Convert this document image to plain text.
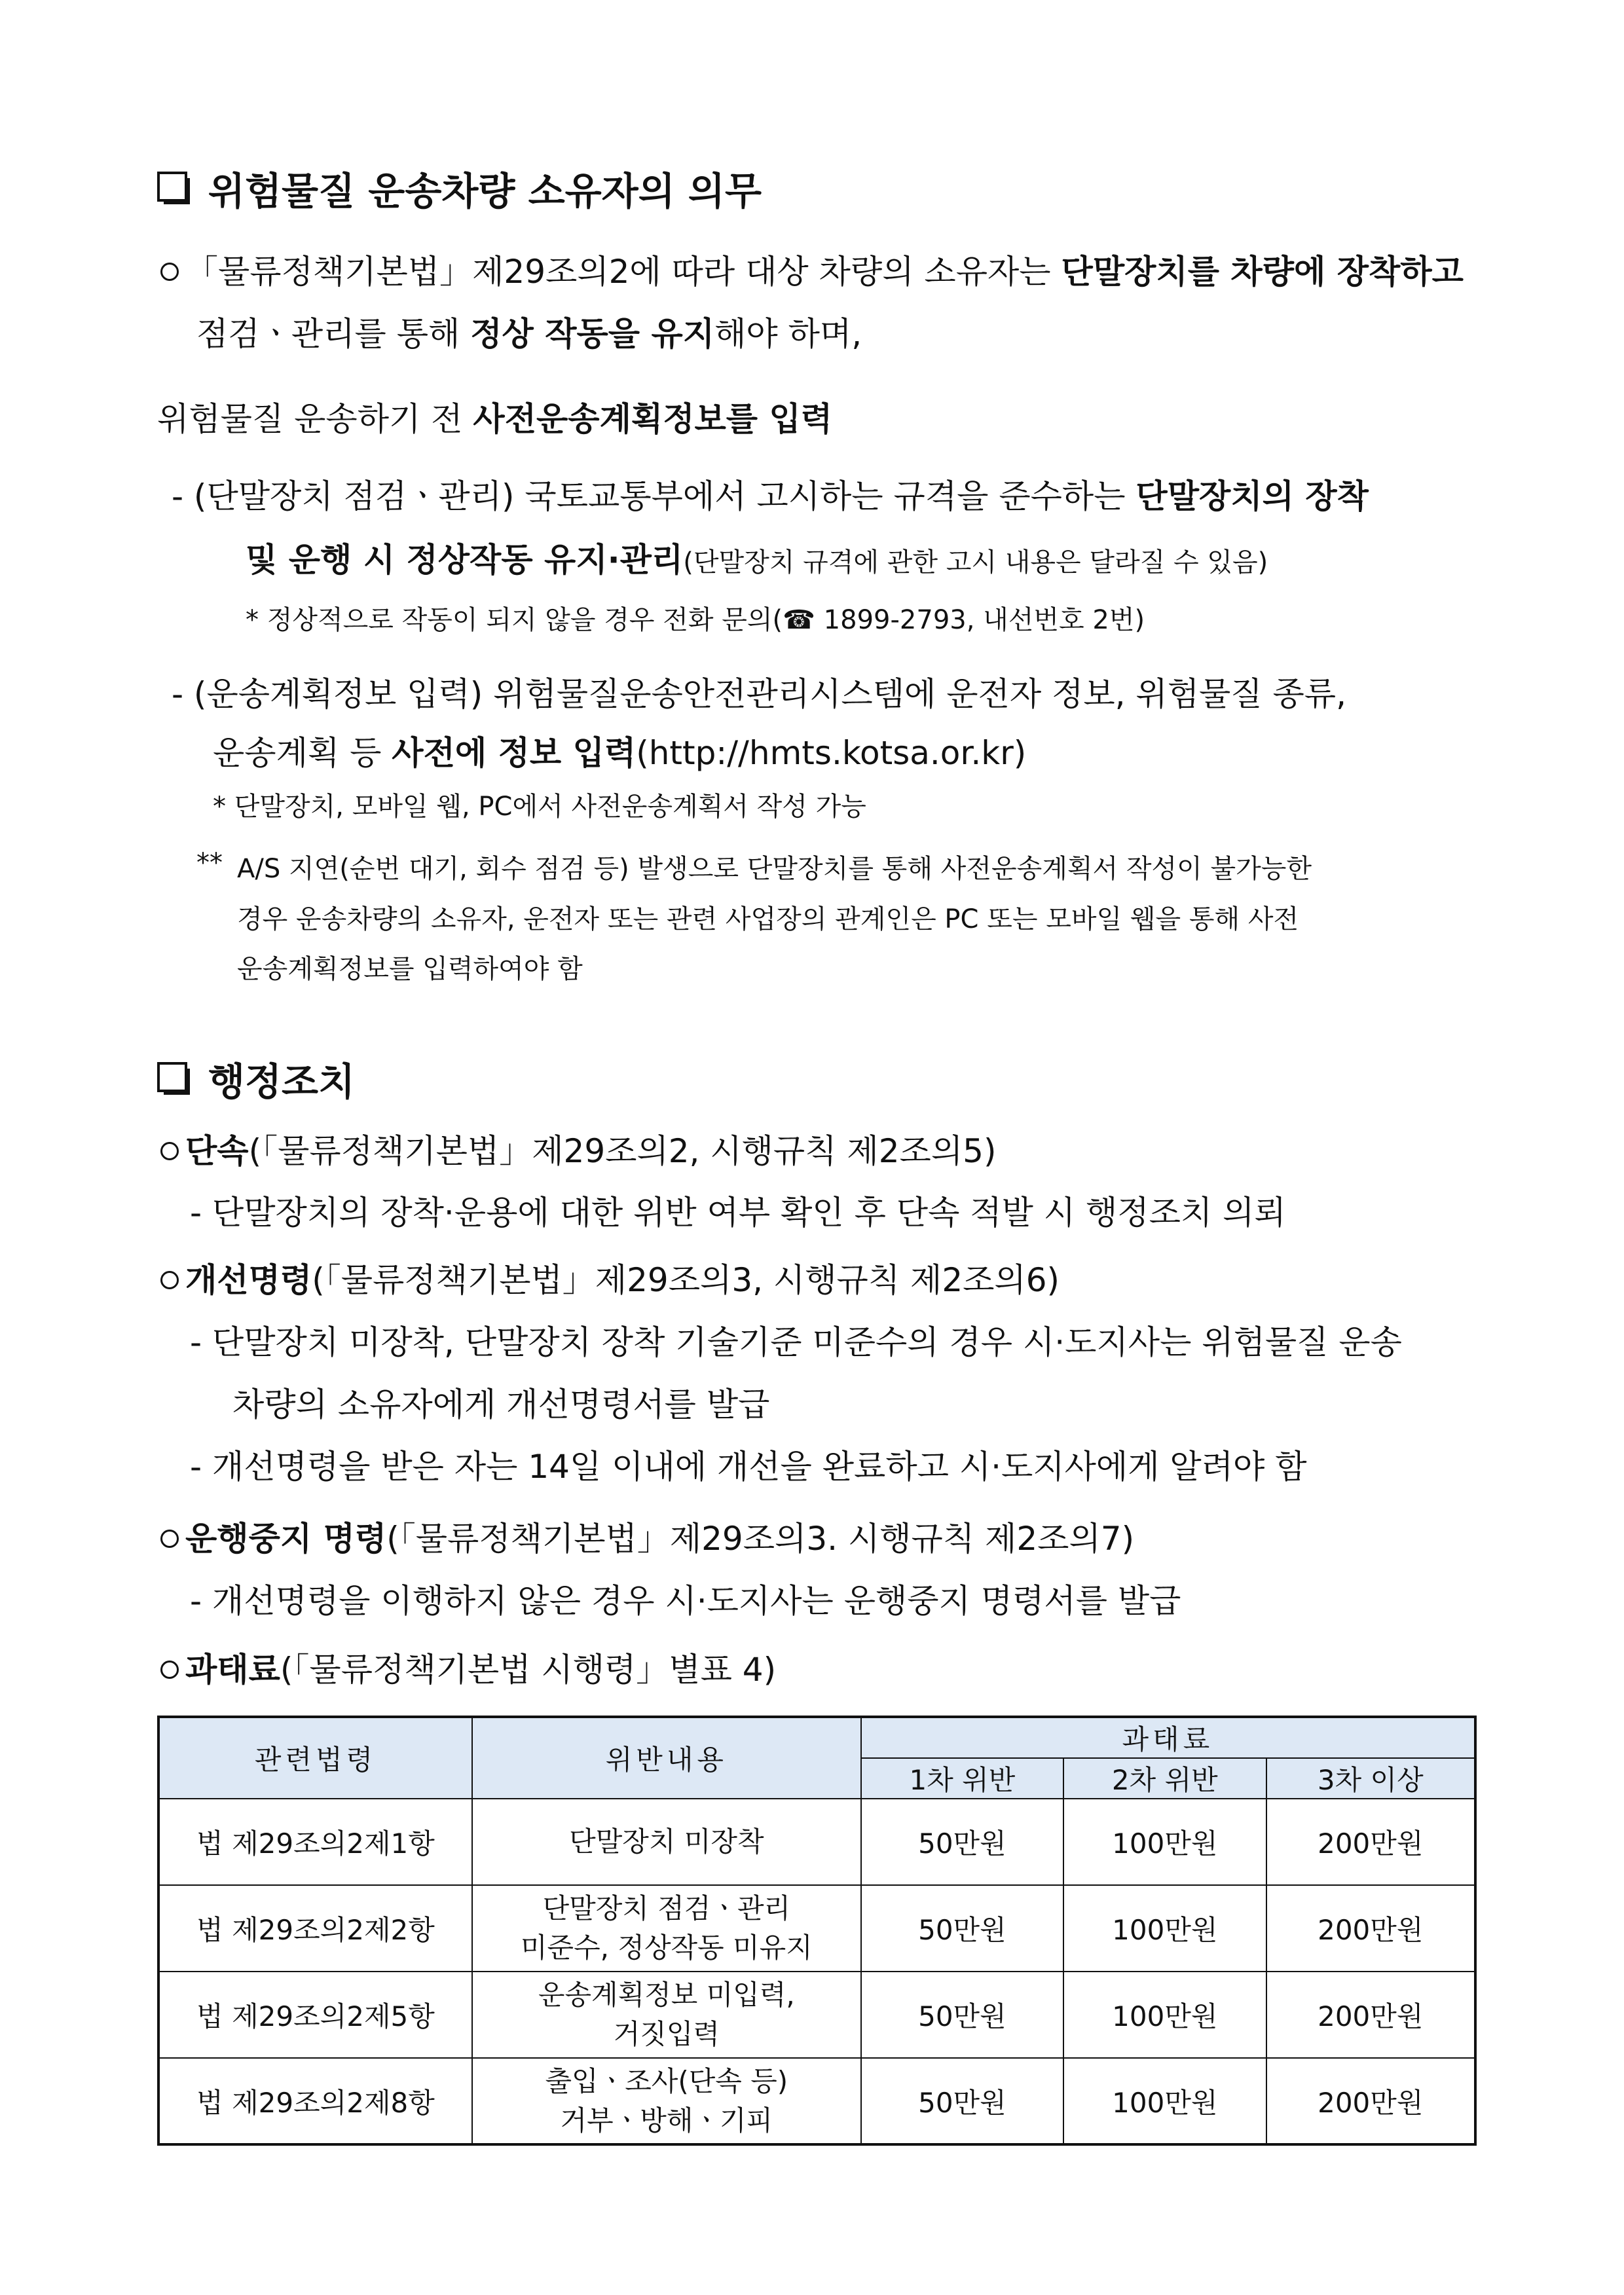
위험물질 운송차량 소유자의 의무
「물류정책기본법」제29조의2에 따라 대상 차량의 소유자는 단말장치를 차량에 장착하고
점검ㆍ관리를 통해 정상 작동을 유지해야 하며,
위험물질 운송하기 전 사전운송계획정보를 입력
- (단말장치 점검ㆍ관리) 국토교통부에서 고시하는 규격을 준수하는 단말장치의 장착
및 운행 시 정상작동 유지·관리(단말장치 규격에 관한 고시 내용은 달라질 수 있음)
* 정상적으로 작동이 되지 않을 경우 전화 문의(☎ 1899-2793, 내선번호 2번)
- (운송계획정보 입력) 위험물질운송안전관리시스템에 운전자 정보, 위험물질 종류,
운송계획 등 사전에 정보 입력(http://hmts.kotsa.or.kr)
* 단말장치, 모바일 웹, PC에서 사전운송계획서 작성 가능
** A/S 지연(순번 대기, 회수 점검 등) 발생으로 단말장치를 통해 사전운송계획서 작성이 불가능한
경우 운송차량의 소유자, 운전자 또는 관련 사업장의 관계인은 PC 또는 모바일 웹을 통해 사전
운송계획정보를 입력하여야 함
행정조치
단속(「물류정책기본법」제29조의2, 시행규칙 제2조의5)
- 단말장치의 장착·운용에 대한 위반 여부 확인 후 단속 적발 시 행정조치 의뢰
개선명령(「물류정책기본법」제29조의3, 시행규칙 제2조의6)
- 단말장치 미장착, 단말장치 장착 기술기준 미준수의 경우 시·도지사는 위험물질 운송
차량의 소유자에게 개선명령서를 발급
- 개선명령을 받은 자는 14일 이내에 개선을 완료하고 시·도지사에게 알려야 함
운행중지 명령(「물류정책기본법」제29조의3. 시행규칙 제2조의7)
- 개선명령을 이행하지 않은 경우 시·도지사는 운행중지 명령서를 발급
과태료(「물류정책기본법 시행령」별표 4)
관련법령	위반내용	과태료		
		1차 위반	2차 위반	3차 이상
법 제29조의2제1항	단말장치 미장착	50만원	100만원	200만원
법 제29조의2제2항	단말장치 점검ㆍ관리
미준수, 정상작동 미유지	50만원	100만원	200만원
법 제29조의2제5항	운송계획정보 미입력,
거짓입력	50만원	100만원	200만원
법 제29조의2제8항	출입ㆍ조사(단속 등)
거부ㆍ방해ㆍ기피	50만원	100만원	200만원
